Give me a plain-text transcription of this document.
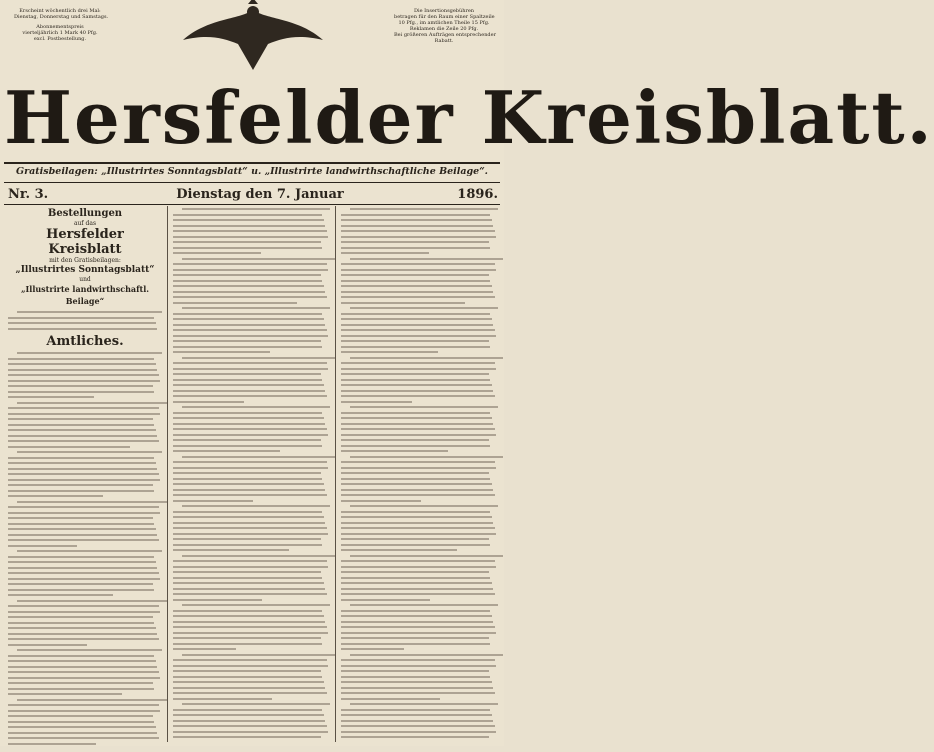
Erscheint wöchentlich drei Mal:
Dienstag, Donnerstag und Samstags.
Abonnementspreis
vierteljährlich 1 Mark 40 Pfg.
excl. Postbestellung.
Die Insertionsgebühren
betragen für den Raum einer Spaltzeile
10 Pfg., im amtlichen Theile 15 Pfg.
Reklamen die Zeile 20 Pfg.
Bei größeren Aufträgen entsprechender
Rabatt.
Hersfelder Kreisblatt.
Gratisbeilagen: „Illustrirtes Sonntagsblatt“ u. „Illustrirte landwirthschaftliche Beilage“.
Nr. 3.	Dienstag den 7. Januar	1896.
Bestellungen
auf das
Hersfelder Kreisblatt
mit den Gratisbeilagen:
„Illustrirtes Sonntagsblatt“
und
„Illustrirte landwirthschaftl. Beilage“
Amtliches.
